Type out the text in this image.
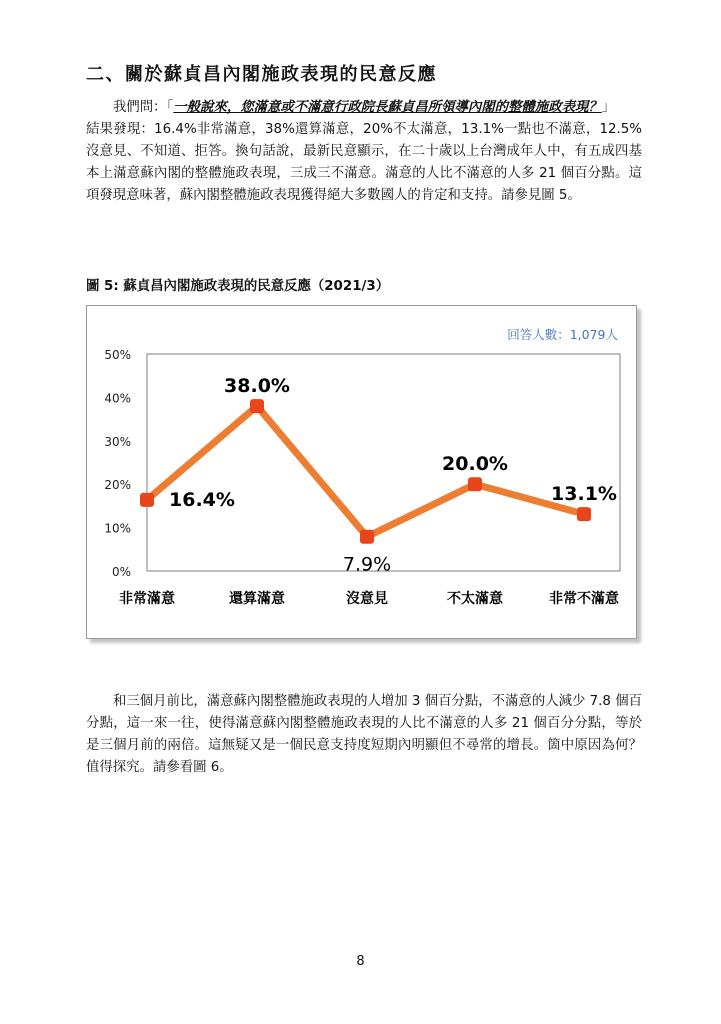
二、關於蘇貞昌內閣施政表現的民意反應
我們問：「一般說來，您滿意或不滿意行政院長蘇貞昌所領導內閣的整體施政表現？」
結果發現：16.4%非常滿意，38%還算滿意，20%不太滿意，13.1%一點也不滿意，12.5%沒意見、不知道、拒答。換句話說，最新民意顯示，在二十歲以上台灣成年人中，有五成四基本上滿意蘇內閣的整體施政表現，三成三不滿意。滿意的人比不滿意的人多 21 個百分點。這項發現意味著，蘇內閣整體施政表現獲得絕大多數國人的肯定和支持。請參見圖 5。
圖 5: 蘇貞昌內閣施政表現的民意反應（2021/3）
0%
10%
20%
30%
40%
50%
非常滿意	還算滿意	沒意見	不太滿意	非常不滿意
16.4%
38.0%
7.9%
20.0%
13.1%
回答人數：1,079人
和三個月前比，滿意蘇內閣整體施政表現的人增加 3 個百分點，不滿意的人減少 7.8 個百分點，這一來一往，使得滿意蘇內閣整體施政表現的人比不滿意的人多 21 個百分分點，等於是三個月前的兩倍。這無疑又是一個民意支持度短期內明顯但不尋常的增長。箇中原因為何？值得探究。請參看圖 6。
8
